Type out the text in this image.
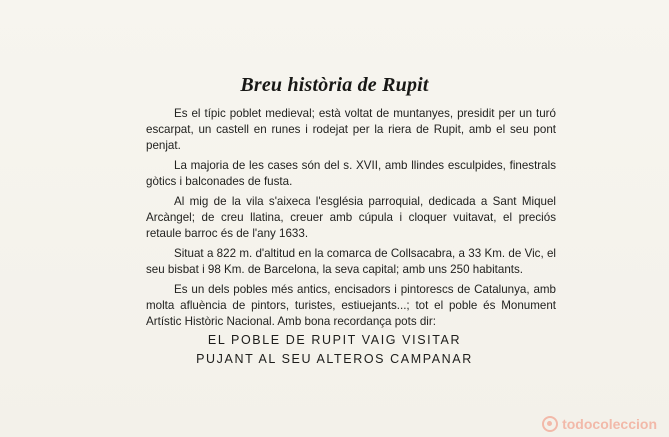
Breu història de Rupit

Es el típic poblet medieval; està voltat de muntanyes, presidit per un turó escarpat, un castell en runes i rodejat per la riera de Rupit, amb el seu pont penjat.

La majoria de les cases són del s. XVII, amb llindes esculpides, finestrals gòtics i balconades de fusta.

Al mig de la vila s'aixeca l'església parroquial, dedicada a Sant Miquel Arcàngel; de creu llatina, creuer amb cúpula i cloquer vuitavat, el preciós retaule barroc és de l'any 1633.

Situat a 822 m. d'altitud en la comarca de Collsacabra, a 33 Km. de Vic, el seu bisbat i 98 Km. de Barcelona, la seva capital; amb uns 250 habitants.

Es un dels pobles més antics, encisadors i pintorescs de Catalunya, amb molta afluència de pintors, turistes, estiuejants...; tot el poble és Monument Artístic Històric Nacional. Amb bona recordança pots dir:

EL POBLE DE RUPIT VAIG VISITAR
PUJANT AL SEU ALTEROS CAMPANAR
todocoleccion
